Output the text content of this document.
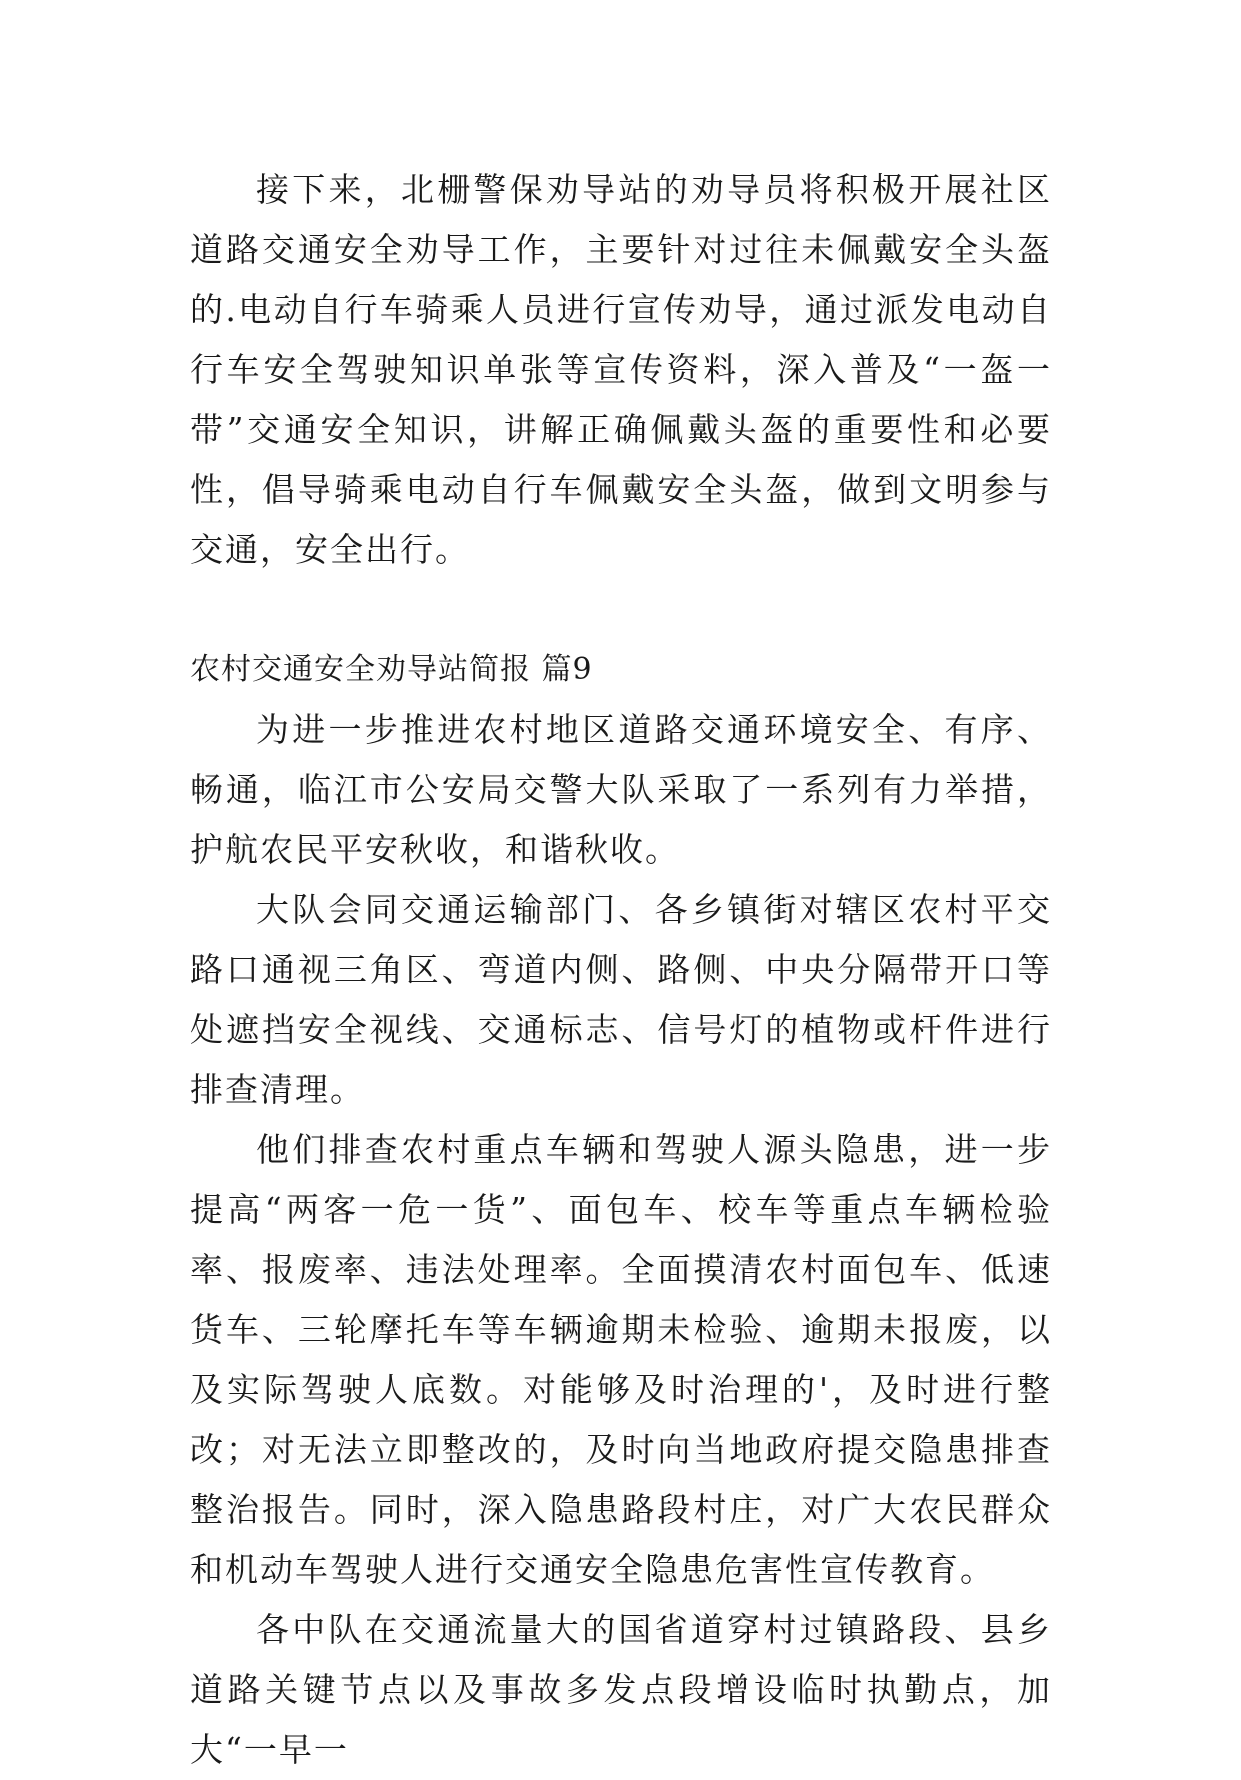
接下来，北栅警保劝导站的劝导员将积极开展社区道路交通安全劝导工作，主要针对过往未佩戴安全头盔的.电动自行车骑乘人员进行宣传劝导，通过派发电动自行车安全驾驶知识单张等宣传资料，深入普及“一盔一带”交通安全知识，讲解正确佩戴头盔的重要性和必要性，倡导骑乘电动自行车佩戴安全头盔，做到文明参与交通，安全出行。

农村交通安全劝导站简报 篇9

为进一步推进农村地区道路交通环境安全、有序、畅通，临江市公安局交警大队采取了一系列有力举措，护航农民平安秋收，和谐秋收。

大队会同交通运输部门、各乡镇街对辖区农村平交路口通视三角区、弯道内侧、路侧、中央分隔带开口等处遮挡安全视线、交通标志、信号灯的植物或杆件进行排查清理。

他们排查农村重点车辆和驾驶人源头隐患，进一步提高“两客一危一货”、面包车、校车等重点车辆检验率、报废率、违法处理率。全面摸清农村面包车、低速货车、三轮摩托车等车辆逾期未检验、逾期未报废，以及实际驾驶人底数。对能够及时治理的'，及时进行整改；对无法立即整改的，及时向当地政府提交隐患排查整治报告。同时，深入隐患路段村庄，对广大农民群众和机动车驾驶人进行交通安全隐患危害性宣传教育。

各中队在交通流量大的国省道穿村过镇路段、县乡道路关键节点以及事故多发点段增设临时执勤点，加大“一早一
